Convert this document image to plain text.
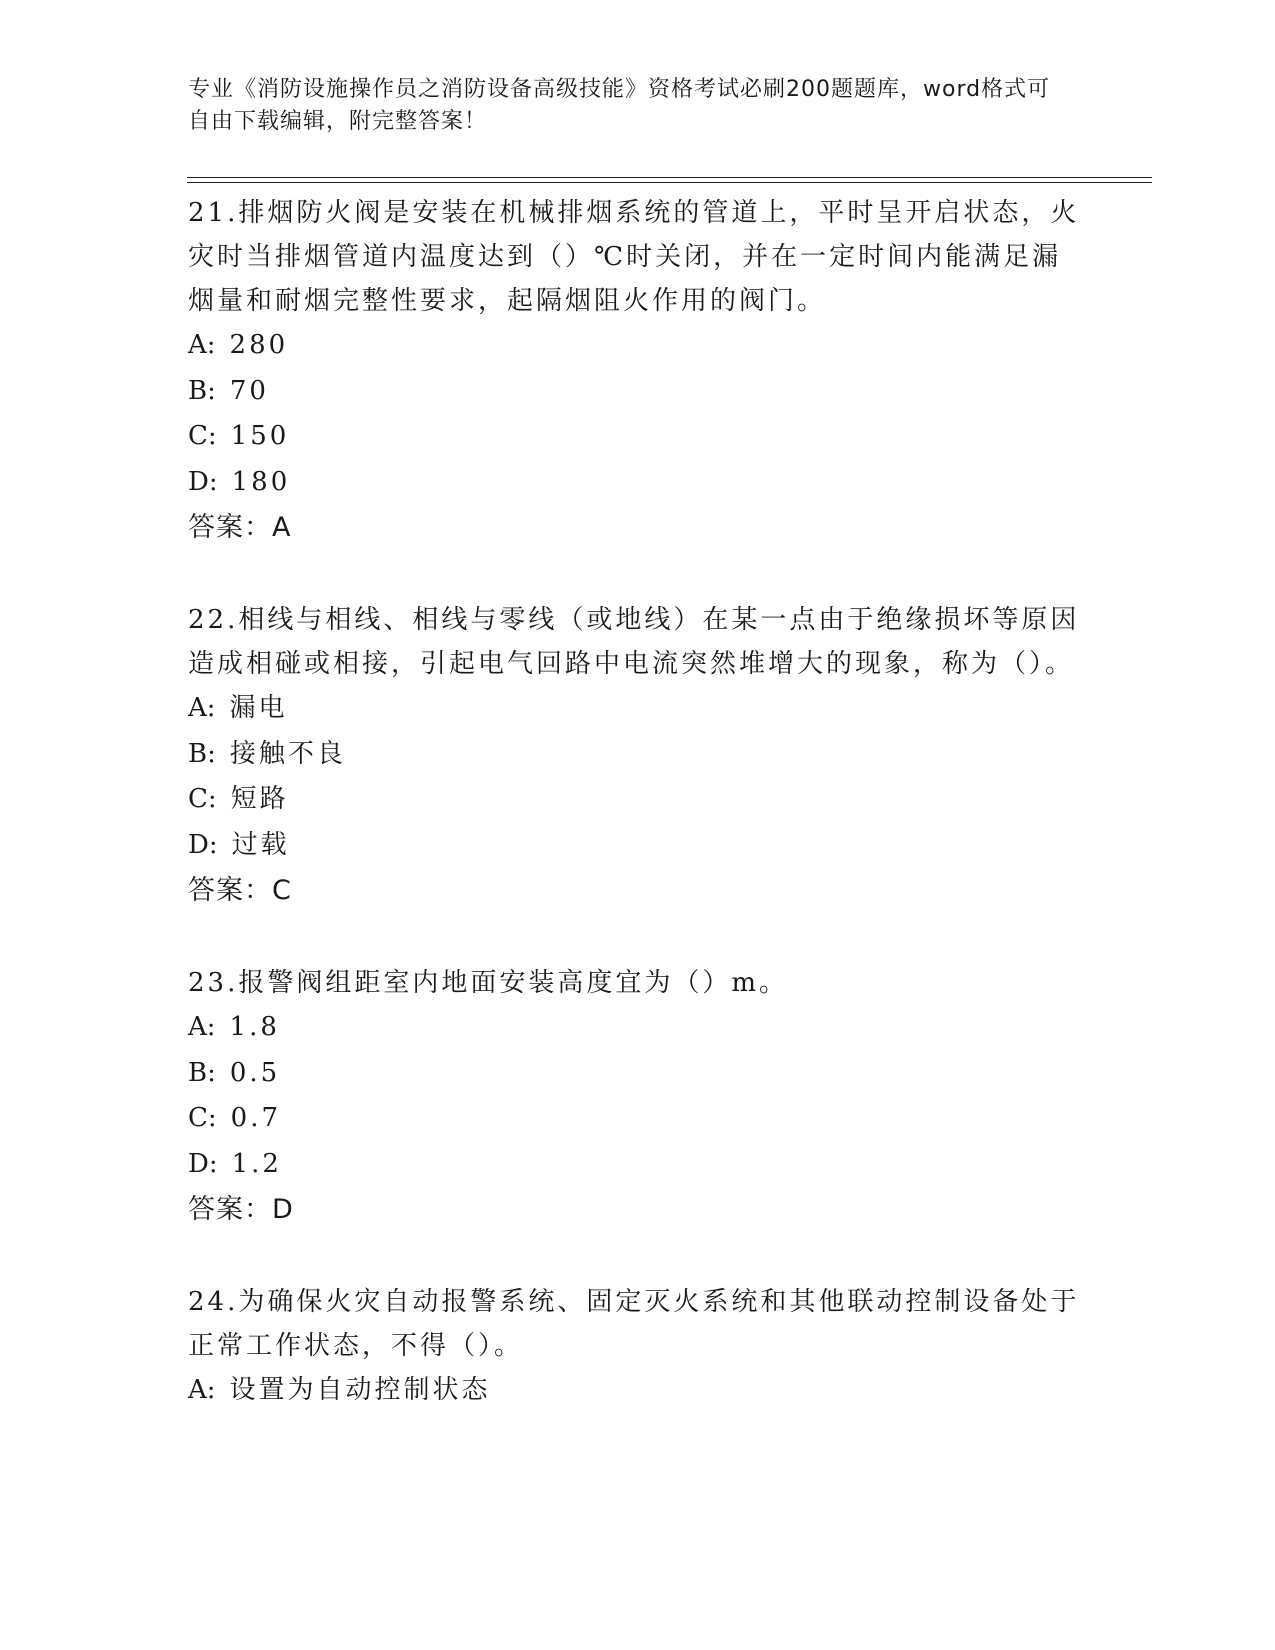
专业《消防设施操作员之消防设备高级技能》资格考试必刷200题题库，word格式可自由下载编辑，附完整答案！

21.排烟防火阀是安装在机械排烟系统的管道上，平时呈开启状态，火灾时当排烟管道内温度达到（）℃时关闭，并在一定时间内能满足漏烟量和耐烟完整性要求，起隔烟阻火作用的阀门。

A: 280
B: 70
C: 150
D: 180

答案：A

22.相线与相线、相线与零线（或地线）在某一点由于绝缘损坏等原因造成相碰或相接，引起电气回路中电流突然堆增大的现象，称为（）。

A: 漏电
B: 接触不良
C: 短路
D: 过载

答案：C

23.报警阀组距室内地面安装高度宜为（）m。

A: 1.8
B: 0.5
C: 0.7
D: 1.2

答案：D

24.为确保火灾自动报警系统、固定灭火系统和其他联动控制设备处于正常工作状态，不得（）。

A: 设置为自动控制状态
